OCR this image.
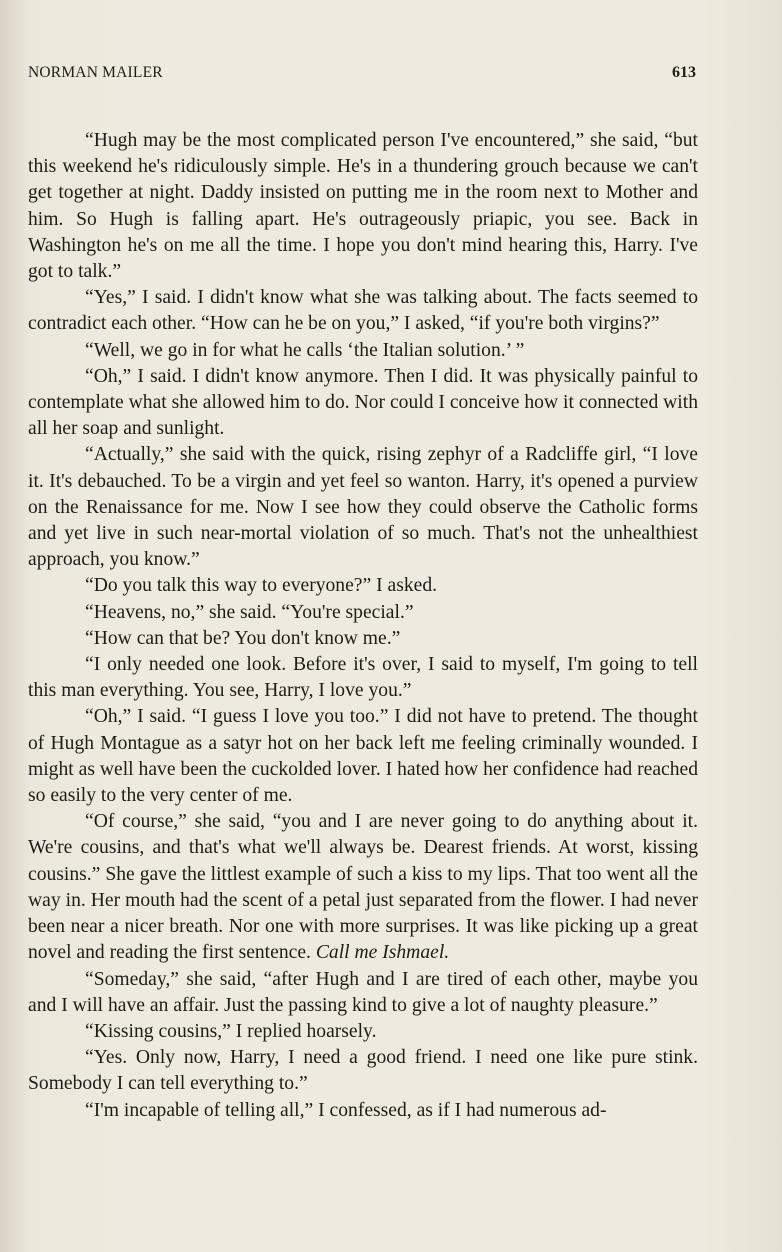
NORMAN MAILER	613

“Hugh may be the most complicated person I've encountered,” she said, “but this weekend he's ridiculously simple. He's in a thundering grouch because we can't get together at night. Daddy insisted on putting me in the room next to Mother and him. So Hugh is falling apart. He's outrageously priapic, you see. Back in Washington he's on me all the time. I hope you don't mind hearing this, Harry. I've got to talk.”

“Yes,” I said. I didn't know what she was talking about. The facts seemed to contradict each other. “How can he be on you,” I asked, “if you're both virgins?”

“Well, we go in for what he calls ‘the Italian solution.’ ”

“Oh,” I said. I didn't know anymore. Then I did. It was physically painful to contemplate what she allowed him to do. Nor could I conceive how it connected with all her soap and sunlight.

“Actually,” she said with the quick, rising zephyr of a Radcliffe girl, “I love it. It's debauched. To be a virgin and yet feel so wanton. Harry, it's opened a purview on the Renaissance for me. Now I see how they could observe the Catholic forms and yet live in such near-mortal violation of so much. That's not the unhealthiest approach, you know.”

“Do you talk this way to everyone?” I asked.

“Heavens, no,” she said. “You're special.”

“How can that be? You don't know me.”

“I only needed one look. Before it's over, I said to myself, I'm going to tell this man everything. You see, Harry, I love you.”

“Oh,” I said. “I guess I love you too.” I did not have to pretend. The thought of Hugh Montague as a satyr hot on her back left me feeling criminally wounded. I might as well have been the cuckolded lover. I hated how her confidence had reached so easily to the very center of me.

“Of course,” she said, “you and I are never going to do anything about it. We're cousins, and that's what we'll always be. Dearest friends. At worst, kissing cousins.” She gave the littlest example of such a kiss to my lips. That too went all the way in. Her mouth had the scent of a petal just separated from the flower. I had never been near a nicer breath. Nor one with more surprises. It was like picking up a great novel and reading the first sentence. Call me Ishmael.

“Someday,” she said, “after Hugh and I are tired of each other, maybe you and I will have an affair. Just the passing kind to give a lot of naughty pleasure.”

“Kissing cousins,” I replied hoarsely.

“Yes. Only now, Harry, I need a good friend. I need one like pure stink. Somebody I can tell everything to.”

“I'm incapable of telling all,” I confessed, as if I had numerous ad-
